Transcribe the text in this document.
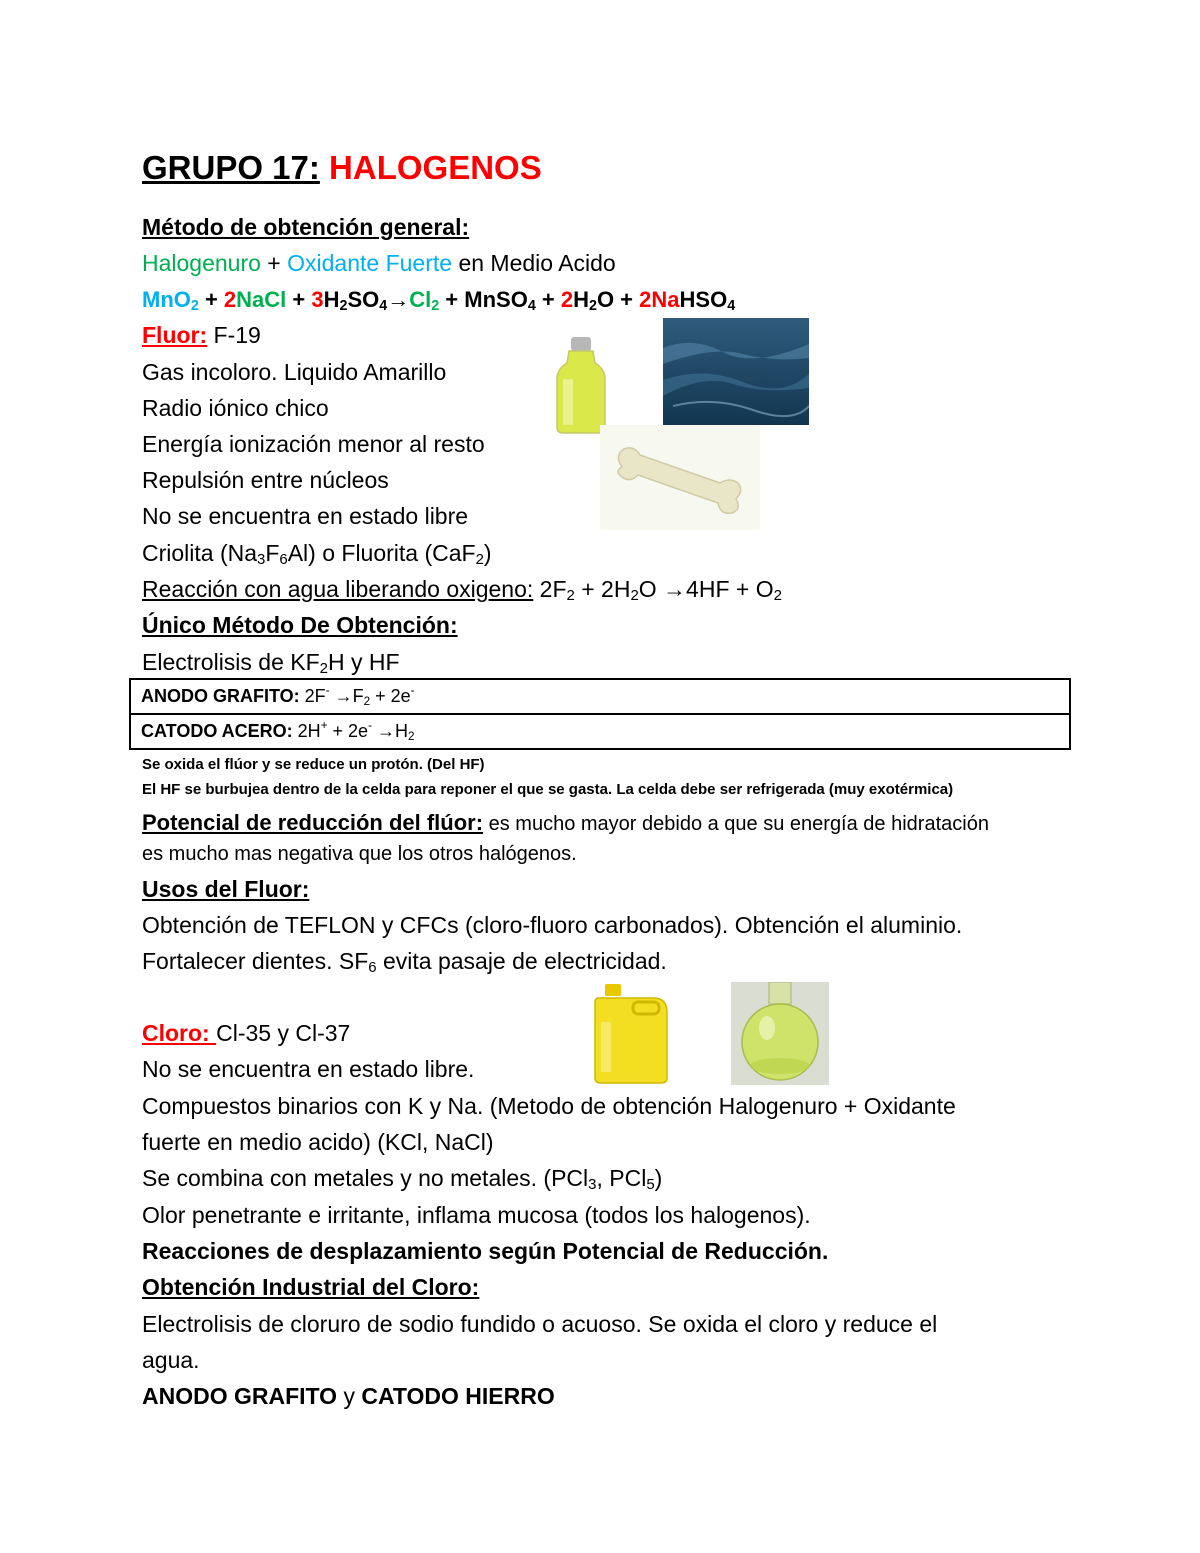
GRUPO 17: HALOGENOS
Método de obtención general:
Halogenuro + Oxidante Fuerte en Medio Acido
MnO$_2$ + 2NaCl + $3H_2SO_4\to Cl_2$ + MnSO$_4$ + $2H_2O$ + 2NaHSO$_4$
Fluor: F-19
Gas incoloro. Liquido Amarillo
Radio iónico chico
Energía ionización menor al resto
Repulsión entre núcleos
No se encuentra en estado libre
Criolita $(Na_3F_6Al)$ o Fluorita (CaF$_2$)
Reacción con agua liberando oxigeno: $2F_2 + 2H_2O \to 4HF + O_2$
Único Método De Obtención:
Electrolisis de $KF_2H$ y HF
ANODO GRAFITO: $2F^- \to F_2 + 2e^-$
CATODO ACERO: $2H^+ + 2e^- \to H_2$
Se oxida el flúor y se reduce un protón. (Del HF)
El HF se burbujea dentro de la celda para reponer el que se gasta. La celda debe ser refrigerada (muy exotérmica)
Potencial de reducción del flúor: es mucho mayor debido a que su energía de hidratación
es mucho mas negativa que los otros halógenos.
Usos del Fluor:
Obtención de TEFLON y CFCs (cloro-fluoro carbonados). Obtención el aluminio.
Fortalecer dientes. $SF_6$ evita pasaje de electricidad.
Cloro: Cl-35 y Cl-37
No se encuentra en estado libre.
Compuestos binarios con K y Na. (Metodo de obtención Halogenuro + Oxidante
fuerte en medio acido) (KCl, NaCl)
Se combina con metales y no metales. (PCl$_3$, PCl$_5$)
Olor penetrante e irritante, inflama mucosa (todos los halogenos).
Reacciones de desplazamiento según Potencial de Reducción.
Obtención Industrial del Cloro:
Electrolisis de cloruro de sodio fundido o acuoso. Se oxida el cloro y reduce el
agua.
ANODO GRAFITO y CATODO HIERRO
